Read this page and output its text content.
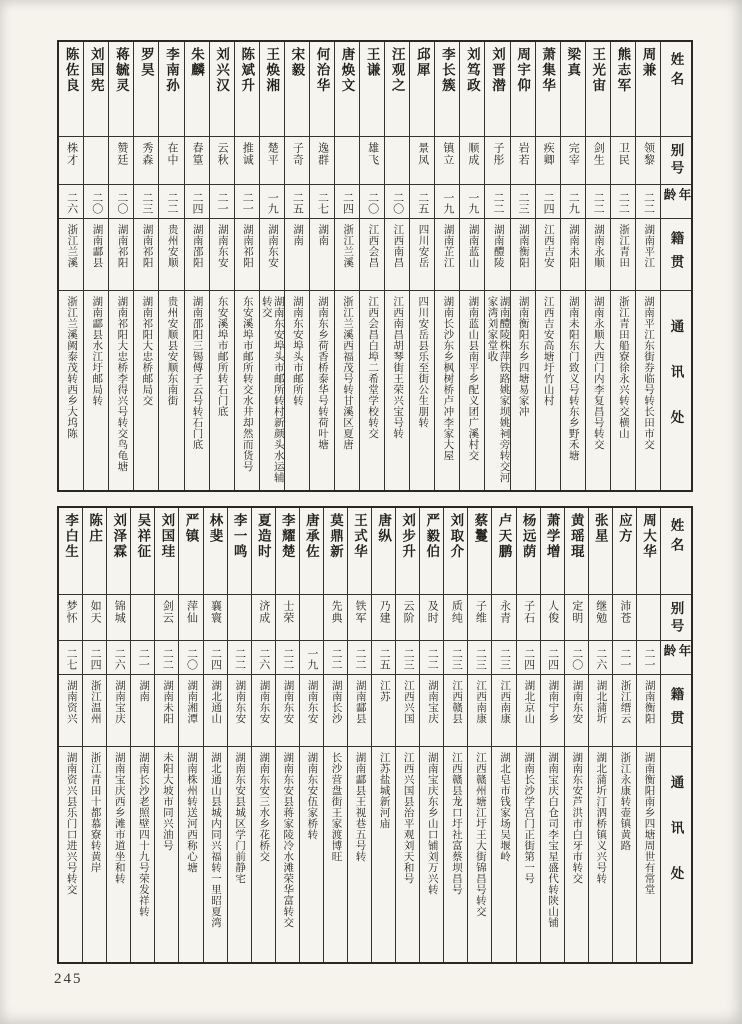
姓名
别号
年龄
籍贯
通讯处
周兼
领黎
二二
湖南平江
湖南平江东街券临号转长田市交
熊志军
卫民
二二
浙江青田
浙江青田船寮徐永兴转交横山
王光宙
剑生
二二
湖南永顺
湖南永顺大西门内李复昌号转交
梁真
完宰
二九
湖南未阳
湖南未阳东门致义号转东乡野禾塘
萧集华
疾卿
二四
江西吉安
江西吉安高塘圩竹山村
周宇仰
岩若
二三
湖南衡阳
湖南衡阳东乡四塘易家冲
刘晋潜
子彤
二二
湖南醴陵
湖南醴陵株萍铁路姚家坝姚祠旁转交河家湾刘家堂收
刘笃政
顺成
一九
湖南蓝山
湖南蓝山县南平乡配义团广溪村交
李长簇
镇立
一九
湖南芷江
湖南长沙东乡枫树桥卢冲李家大屋
邱犀
景凤
二五
四川安岳
四川安岳县乐至街公生朋转
汪观之
二〇
江西南昌
江西南昌胡琴街王荣兴宝号转
王谦
雄飞
二〇
江西会昌
江西会昌白埠二希堂学校转交
唐焕文
二四
浙江兰溪
浙江兰溪西福茂号转甘溪区夏唐
何治华
逸群
二七
湖南
湖南东乡荷香桥泰华号转荷叶塘
宋毅
子奇
二五
湖南
湖南东安埠头市邮所转
王焕湘
楚平
一九
湖南东安
湖南东安埠头市邮所转村新颜头水运辅转交
陈斌升
推诚
二一
湖南祁阳
东安溪埠市邮所转交水井却然而货号
刘兴汉
云秋
二一
湖南东安
东安溪埠市邮所转石门底
朱麟
春篁
二四
湖南邵阳
湖南邵阳三锡傅子云号转石门底
李南孙
在中
二二
贵州安顺
贵州安顺县安顺东南街
罗昊
秀森
二三
湖南祁阳
湖南祁阳大忠桥邮局交
蒋毓灵
赞廷
二〇
湖南祁阳
湖南祁阳大忠桥李得兴号转交鸟龟塘
刘国宪
二〇
湖南酃县
湖南酃县水江圩邮局转
陈佐良
株才
二六
浙江兰溪
浙江兰溪阙泰茂转西乡大坞陈
姓名
别号
年龄
籍贯
通讯处
周大华
二一
湖南衡阳
湖南衡阳南乡四塘周世有常堂
应方
沛苍
二一
浙江缙云
浙江永康转壶镇黄路
张星
继勉
二六
湖北蒲圻
湖北蒲圻汀泗桥镇义兴号转
黄瑶琨
定明
二〇
湖南东安
湖南东安芦洪市白牙市转交
萧学增
人俊
二四
湖南宁乡
湖南宝庆白仓司李宝星盛代转陕山铺
杨远荫
子石
二四
湖北京山
湖南长沙学宫门正街第一号
卢天鹏
永青
二三
江西南康
湖北皂市钱家场吴堰岭
蔡鬘
子维
二三
江西南康
江西赣州塘江圩王大街锦昌号转交
刘取介
质纯
二三
江西赣县
江西赣县龙口圩社富蔡坝昌号
严毅伯
及时
二二
湖南宝庆
湖南宝庆东乡山口铺刘万兴转
刘步升
云阶
二三
江西兴国
江西兴国县治平观刘天和号
唐纵
乃建
二五
江苏
江苏盐城新河庙
王式华
铁军
二二
湖南酃县
湖南酃县王视巷五号转
莫鼎新
先典
二二
湖南长沙
长沙营盘街王家渡博旺
唐承佐
一九
湖南东安
湖南东安伍家桥转
李耀楚
士荣
二二
湖南东安
湖南东安县蒋家陵冷水滩荣华富转交
夏造时
济成
二六
湖南东安
湖南东安三水乡花桥交
李一鸣
二二
湖南东安
湖南东安县城区学门前静宅
林斐
襄寰
二四
湖北通山
湖北通山县城内同兴福转一里昭夏湾
严镇
萍仙
二〇
湖南湘潭
湖南株州转送河西称心塘
刘国珪
剑云
二二
湖南未阳
未阳大坡市同兴油号
吴祥征
二一
湖南
湖南长沙老照壁四十九号荣发祥转
刘泽霖
锦城
二六
湖南宝庆
湖南宝庆西乡滩市道坐和转
陈庄
如天
二四
浙江温州
浙江青田十都慕寮转黄岸
李白生
梦怀
二七
湖南资兴
湖南资兴县乐门口进兴号转交
245
